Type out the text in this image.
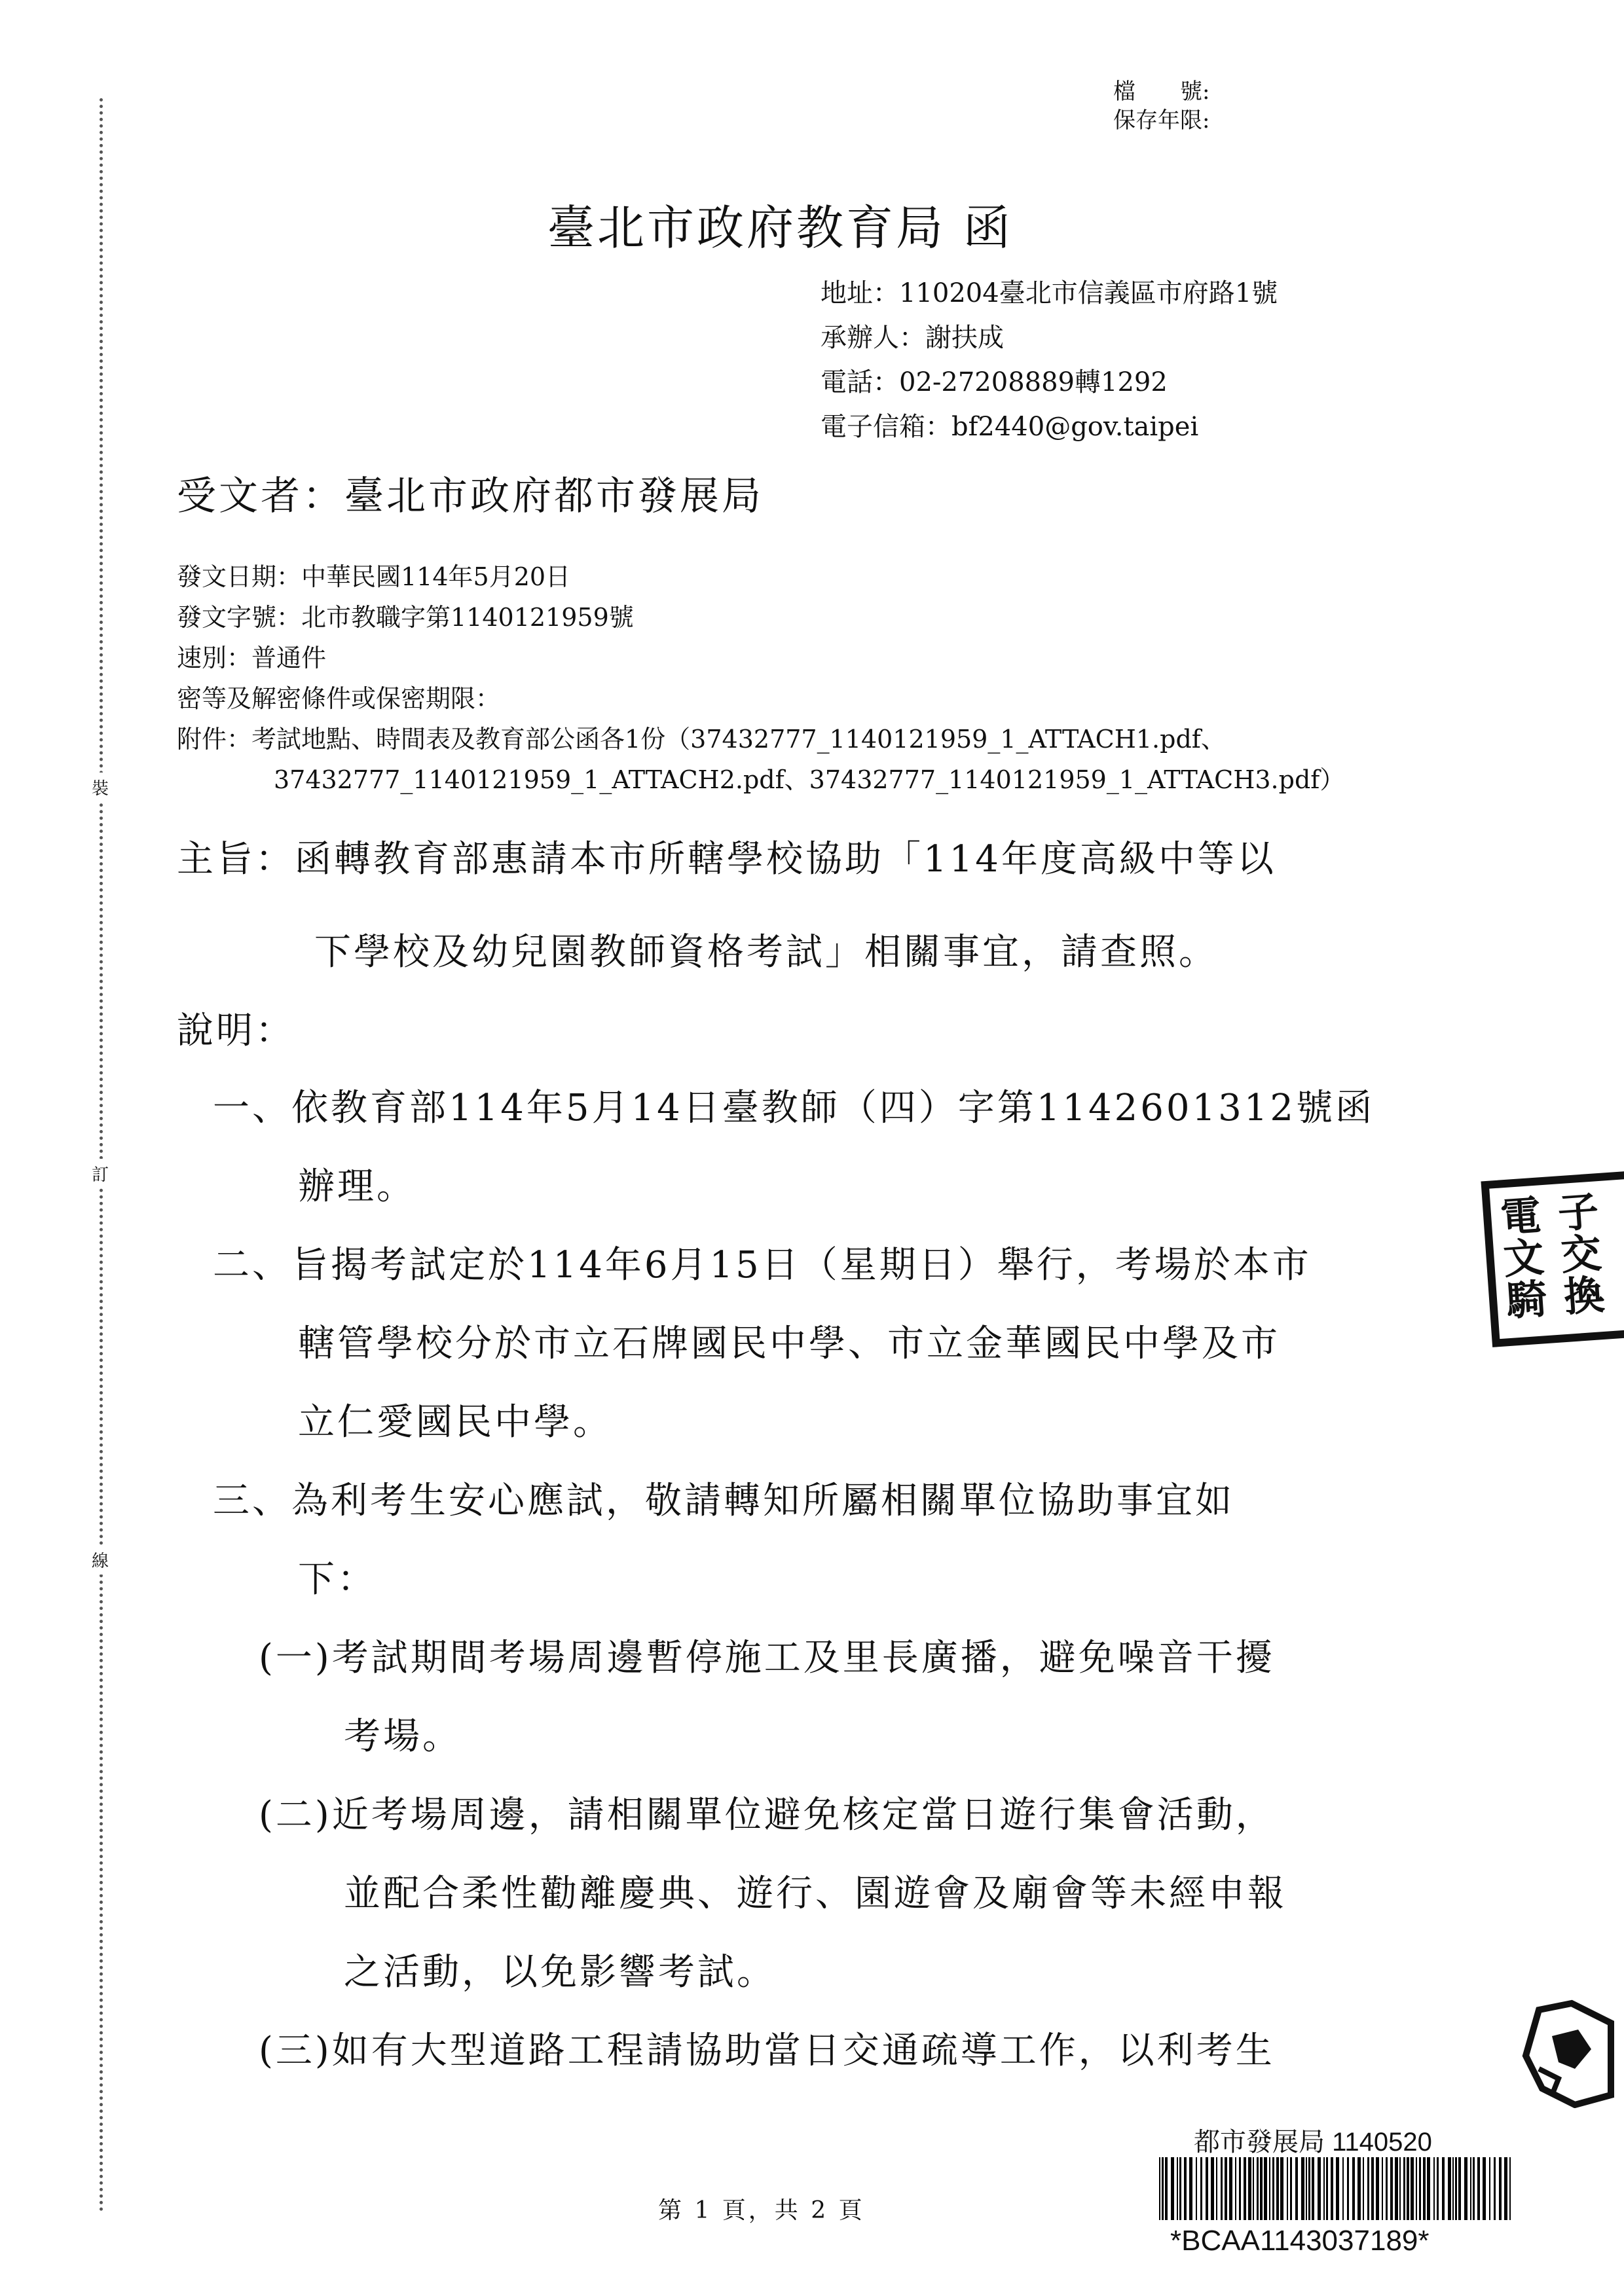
裝
訂
線
檔　　號:
保存年限:
臺北市政府教育局 函
地址：110204臺北市信義區市府路1號
承辦人：謝扶成
電話：02-27208889轉1292
電子信箱：bf2440@gov.taipei
受文者：臺北市政府都市發展局
發文日期：中華民國114年5月20日
發文字號：北市教職字第1140121959號
速別：普通件
密等及解密條件或保密期限：
附件：考試地點、時間表及教育部公函各1份（37432777_1140121959_1_ATTACH1.pdf、
37432777_1140121959_1_ATTACH2.pdf、37432777_1140121959_1_ATTACH3.pdf）
主旨：函轉教育部惠請本市所轄學校協助「114年度高級中等以
下學校及幼兒園教師資格考試」相關事宜，請查照。
說明：
一、依教育部114年5月14日臺教師（四）字第1142601312號函
辦理。
二、旨揭考試定於114年6月15日（星期日）舉行，考場於本市
轄管學校分於市立石牌國民中學、市立金華國民中學及市
立仁愛國民中學。
三、為利考生安心應試，敬請轉知所屬相關單位協助事宜如
下：
(一)考試期間考場周邊暫停施工及里長廣播，避免噪音干擾
考場。
(二)近考場周邊，請相關單位避免核定當日遊行集會活動，
並配合柔性勸離慶典、遊行、園遊會及廟會等未經申報
之活動，以免影響考試。
(三)如有大型道路工程請協助當日交通疏導工作，以利考生
電 子
文 交
騎 換
第 1 頁，共 2 頁
都市發展局 1140520
*BCAA1143037189*
